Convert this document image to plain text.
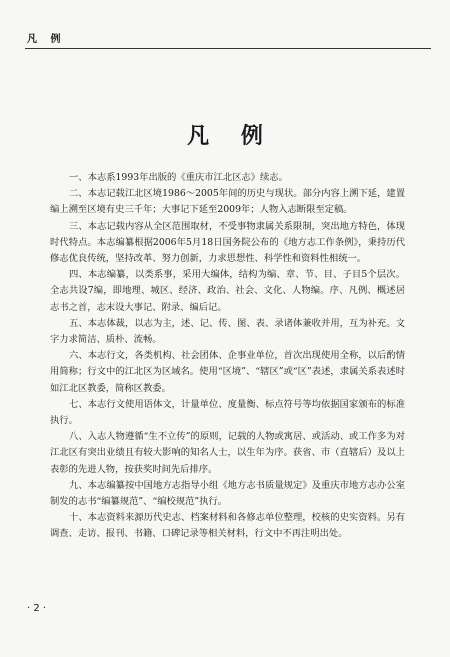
凡 例
凡 例

一、本志系1993年出版的《重庆市江北区志》续志。

二、本志记载江北区境1986～2005年间的历史与现状。部分内容上溯下延，建置编上溯至区境有史三千年；大事记下延至2009年；人物入志断限至定稿。

三、本志记载内容从全区范围取材，不受事物隶属关系限制，突出地方特色，体现时代特点。本志编纂根据2006年5月18日国务院公布的《地方志工作条例》，秉持历代修志优良传统，坚持改革、努力创新，力求思想性、科学性和资料性相统一。

四、本志编纂，以类系事，采用大编体，结构为编、章、节、目、子目5个层次。全志共设7编，即地理、城区、经济、政治、社会、文化、人物编。序、凡例、概述居志书之首，志末设大事记、附录、编后记。

五、本志体裁，以志为主，述、记、传、图、表、录诸体兼收并用，互为补充。文字力求简洁、质朴、流畅。

六、本志行文，各类机构、社会团体、企事业单位，首次出现使用全称，以后酌情用简称；行文中的江北区为区域名。使用“区境”、“辖区”或“区”表述，隶属关系表述时如江北区教委，简称区教委。

七、本志行文使用语体文，计量单位、度量衡、标点符号等均依据国家颁布的标准执行。

八、入志人物遵循“生不立传”的原则，记载的人物或寓居、或活动、或工作多为对江北区有突出业绩且有较大影响的知名人士，以生年为序。获省、市（直辖后）及以上表彰的先进人物，按获奖时间先后排序。

九、本志编纂按中国地方志指导小组《地方志书质量规定》及重庆市地方志办公室制发的志书“编纂规范”、“编校规范”执行。

十、本志资料来源历代史志、档案材料和各修志单位整理，校核的史实资料。另有调查、走访、报刊、书籍、口碑记录等相关材料，行文中不再注明出处。

· 2 ·
